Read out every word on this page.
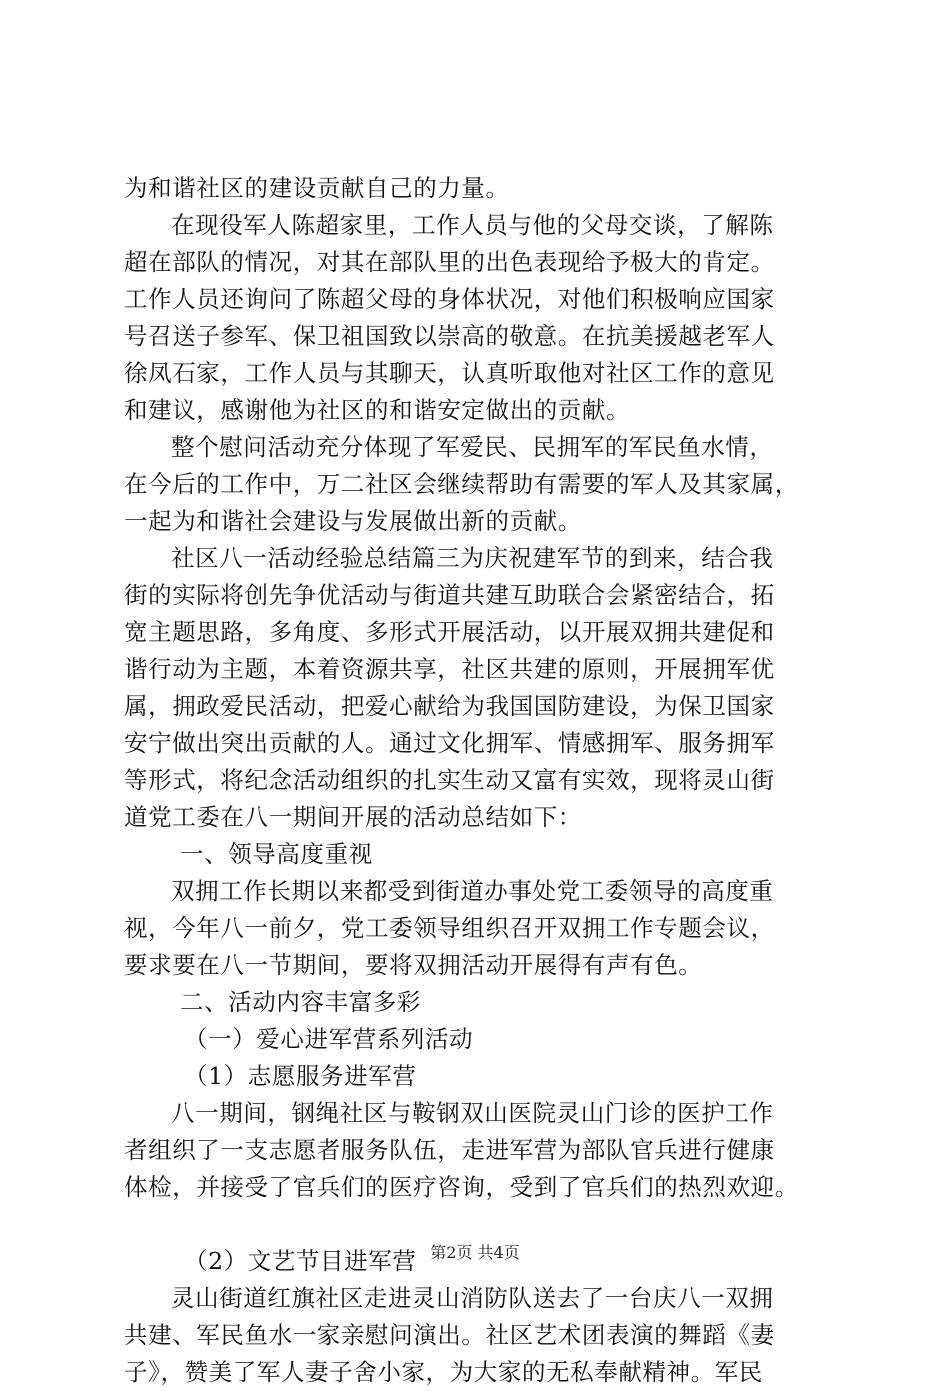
为和谐社区的建设贡献自己的力量。
在现役军人陈超家里，工作人员与他的父母交谈，了解陈
超在部队的情况，对其在部队里的出色表现给予极大的肯定。
工作人员还询问了陈超父母的身体状况，对他们积极响应国家
号召送子参军、保卫祖国致以崇高的敬意。在抗美援越老军人
徐凤石家，工作人员与其聊天，认真听取他对社区工作的意见
和建议，感谢他为社区的和谐安定做出的贡献。
整个慰问活动充分体现了军爱民、民拥军的军民鱼水情，
在今后的工作中，万二社区会继续帮助有需要的军人及其家属，
一起为和谐社会建设与发展做出新的贡献。
社区八一活动经验总结篇三为庆祝建军节的到来，结合我
街的实际将创先争优活动与街道共建互助联合会紧密结合，拓
宽主题思路，多角度、多形式开展活动，以开展双拥共建促和
谐行动为主题，本着资源共享，社区共建的原则，开展拥军优
属，拥政爱民活动，把爱心献给为我国国防建设，为保卫国家
安宁做出突出贡献的人。通过文化拥军、情感拥军、服务拥军
等形式，将纪念活动组织的扎实生动又富有实效，现将灵山街
道党工委在八一期间开展的活动总结如下：
一、领导高度重视
双拥工作长期以来都受到街道办事处党工委领导的高度重
视，今年八一前夕，党工委领导组织召开双拥工作专题会议，
要求要在八一节期间，要将双拥活动开展得有声有色。
二、活动内容丰富多彩
（一）爱心进军营系列活动
（1）志愿服务进军营
八一期间，钢绳社区与鞍钢双山医院灵山门诊的医护工作
者组织了一支志愿者服务队伍，走进军营为部队官兵进行健康
体检，并接受了官兵们的医疗咨询，受到了官兵们的热烈欢迎。
（2）文艺节目进军营
灵山街道红旗社区走进灵山消防队送去了一台庆八一双拥
共建、军民鱼水一家亲慰问演出。社区艺术团表演的舞蹈《妻
子》，赞美了军人妻子舍小家，为大家的无私奉献精神。军民
第2页 共4页
